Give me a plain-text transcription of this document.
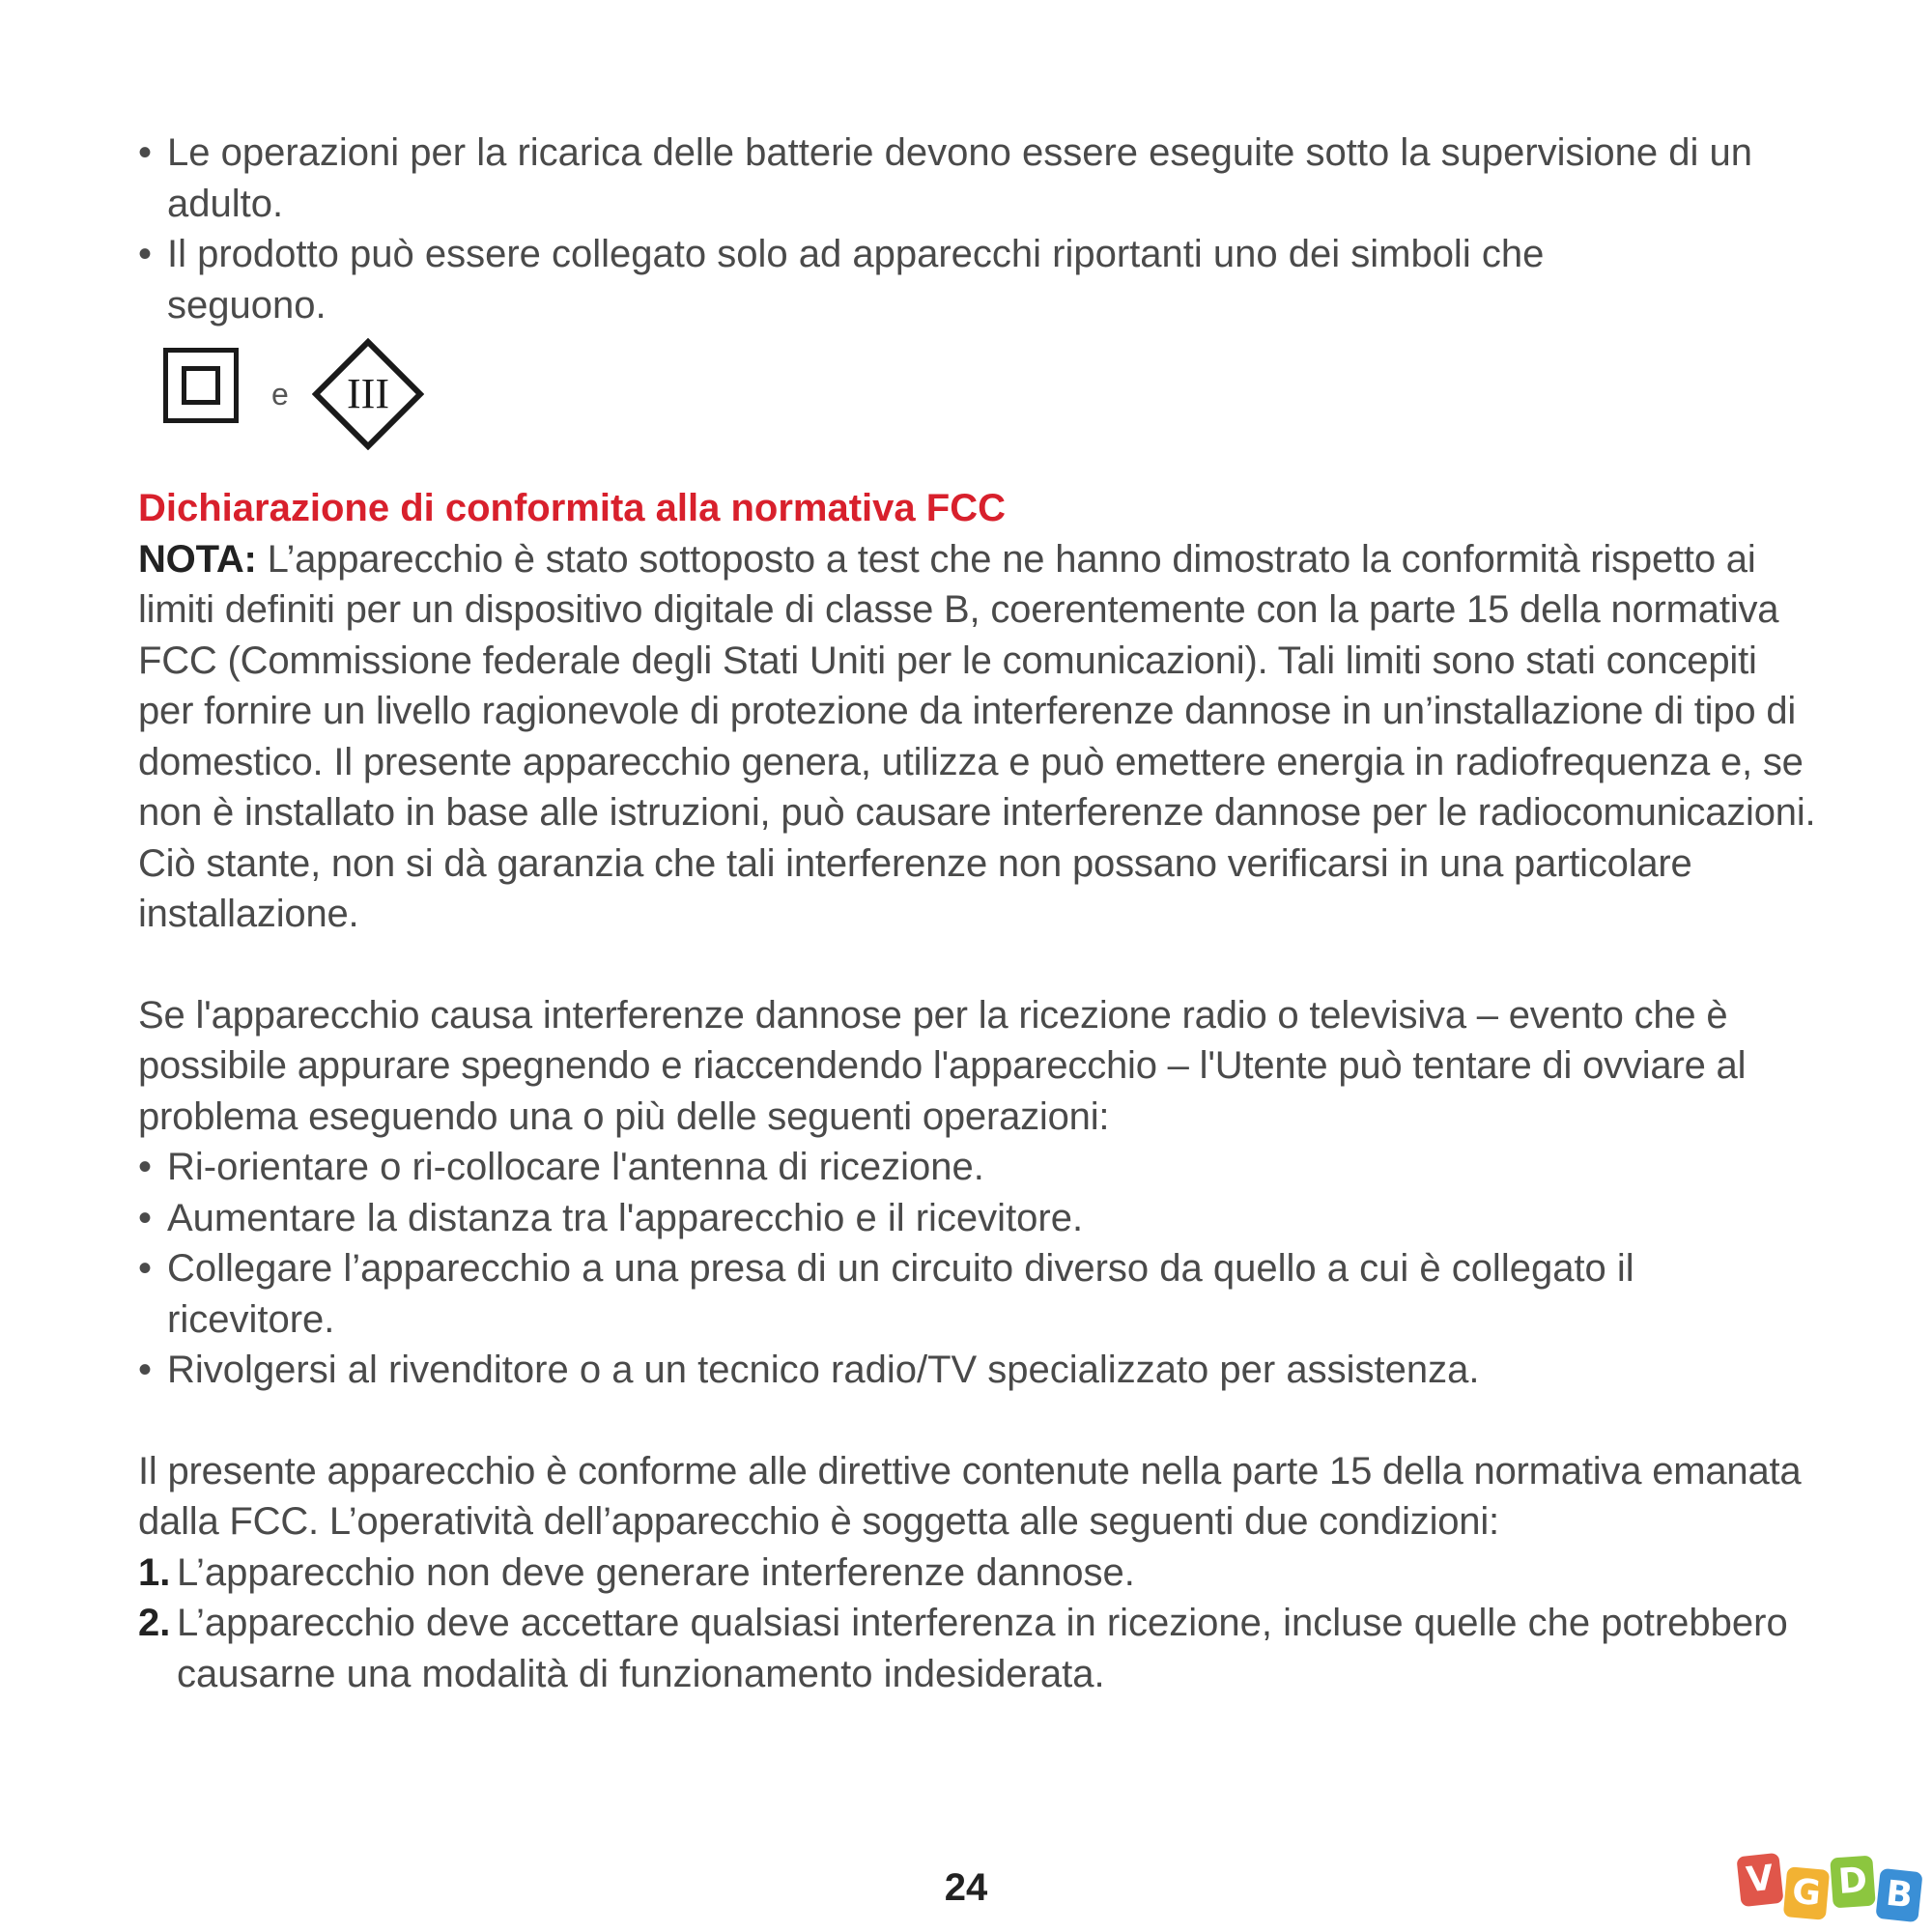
• Le operazioni per la ricarica delle batterie devono essere eseguite sotto la supervisione di un adulto.

• Il prodotto può essere collegato solo ad apparecchi riportanti uno dei simboli che seguono.

e III

Dichiarazione di conformita alla normativa FCC

NOTA: L’apparecchio è stato sottoposto a test che ne hanno dimostrato la conformità rispetto ai limiti definiti per un dispositivo digitale di classe B, coerentemente con la parte 15 della normativa FCC (Commissione federale degli Stati Uniti per le comunicazioni). Tali limiti sono stati concepiti per fornire un livello ragionevole di protezione da interferenze dannose in un’installazione di tipo di domestico. Il presente apparecchio genera, utilizza e può emettere energia in radiofrequenza e, se non è installato in base alle istruzioni, può causare interferenze dannose per le radiocomunicazioni. Ciò stante, non si dà garanzia che tali interferenze non possano verificarsi in una particolare installazione.

Se l'apparecchio causa interferenze dannose per la ricezione radio o televisiva – evento che è possibile appurare spegnendo e riaccendendo l'apparecchio – l'Utente può tentare di ovviare al problema eseguendo una o più delle seguenti operazioni:

• Ri-orientare o ri-collocare l'antenna di ricezione.

• Aumentare la distanza tra l'apparecchio e il ricevitore.

• Collegare l’apparecchio a una presa di un circuito diverso da quello a cui è collegato il ricevitore.

• Rivolgersi al rivenditore o a un tecnico radio/TV specializzato per assistenza.

Il presente apparecchio è conforme alle direttive contenute nella parte 15 della normativa emanata dalla FCC. L’operatività dell’apparecchio è soggetta alle seguenti due condizioni:

1. L’apparecchio non deve generare interferenze dannose.

2. L’apparecchio deve accettare qualsiasi interferenza in ricezione, incluse quelle che potrebbero causarne una modalità di funzionamento indesiderata.

24	V G D B
